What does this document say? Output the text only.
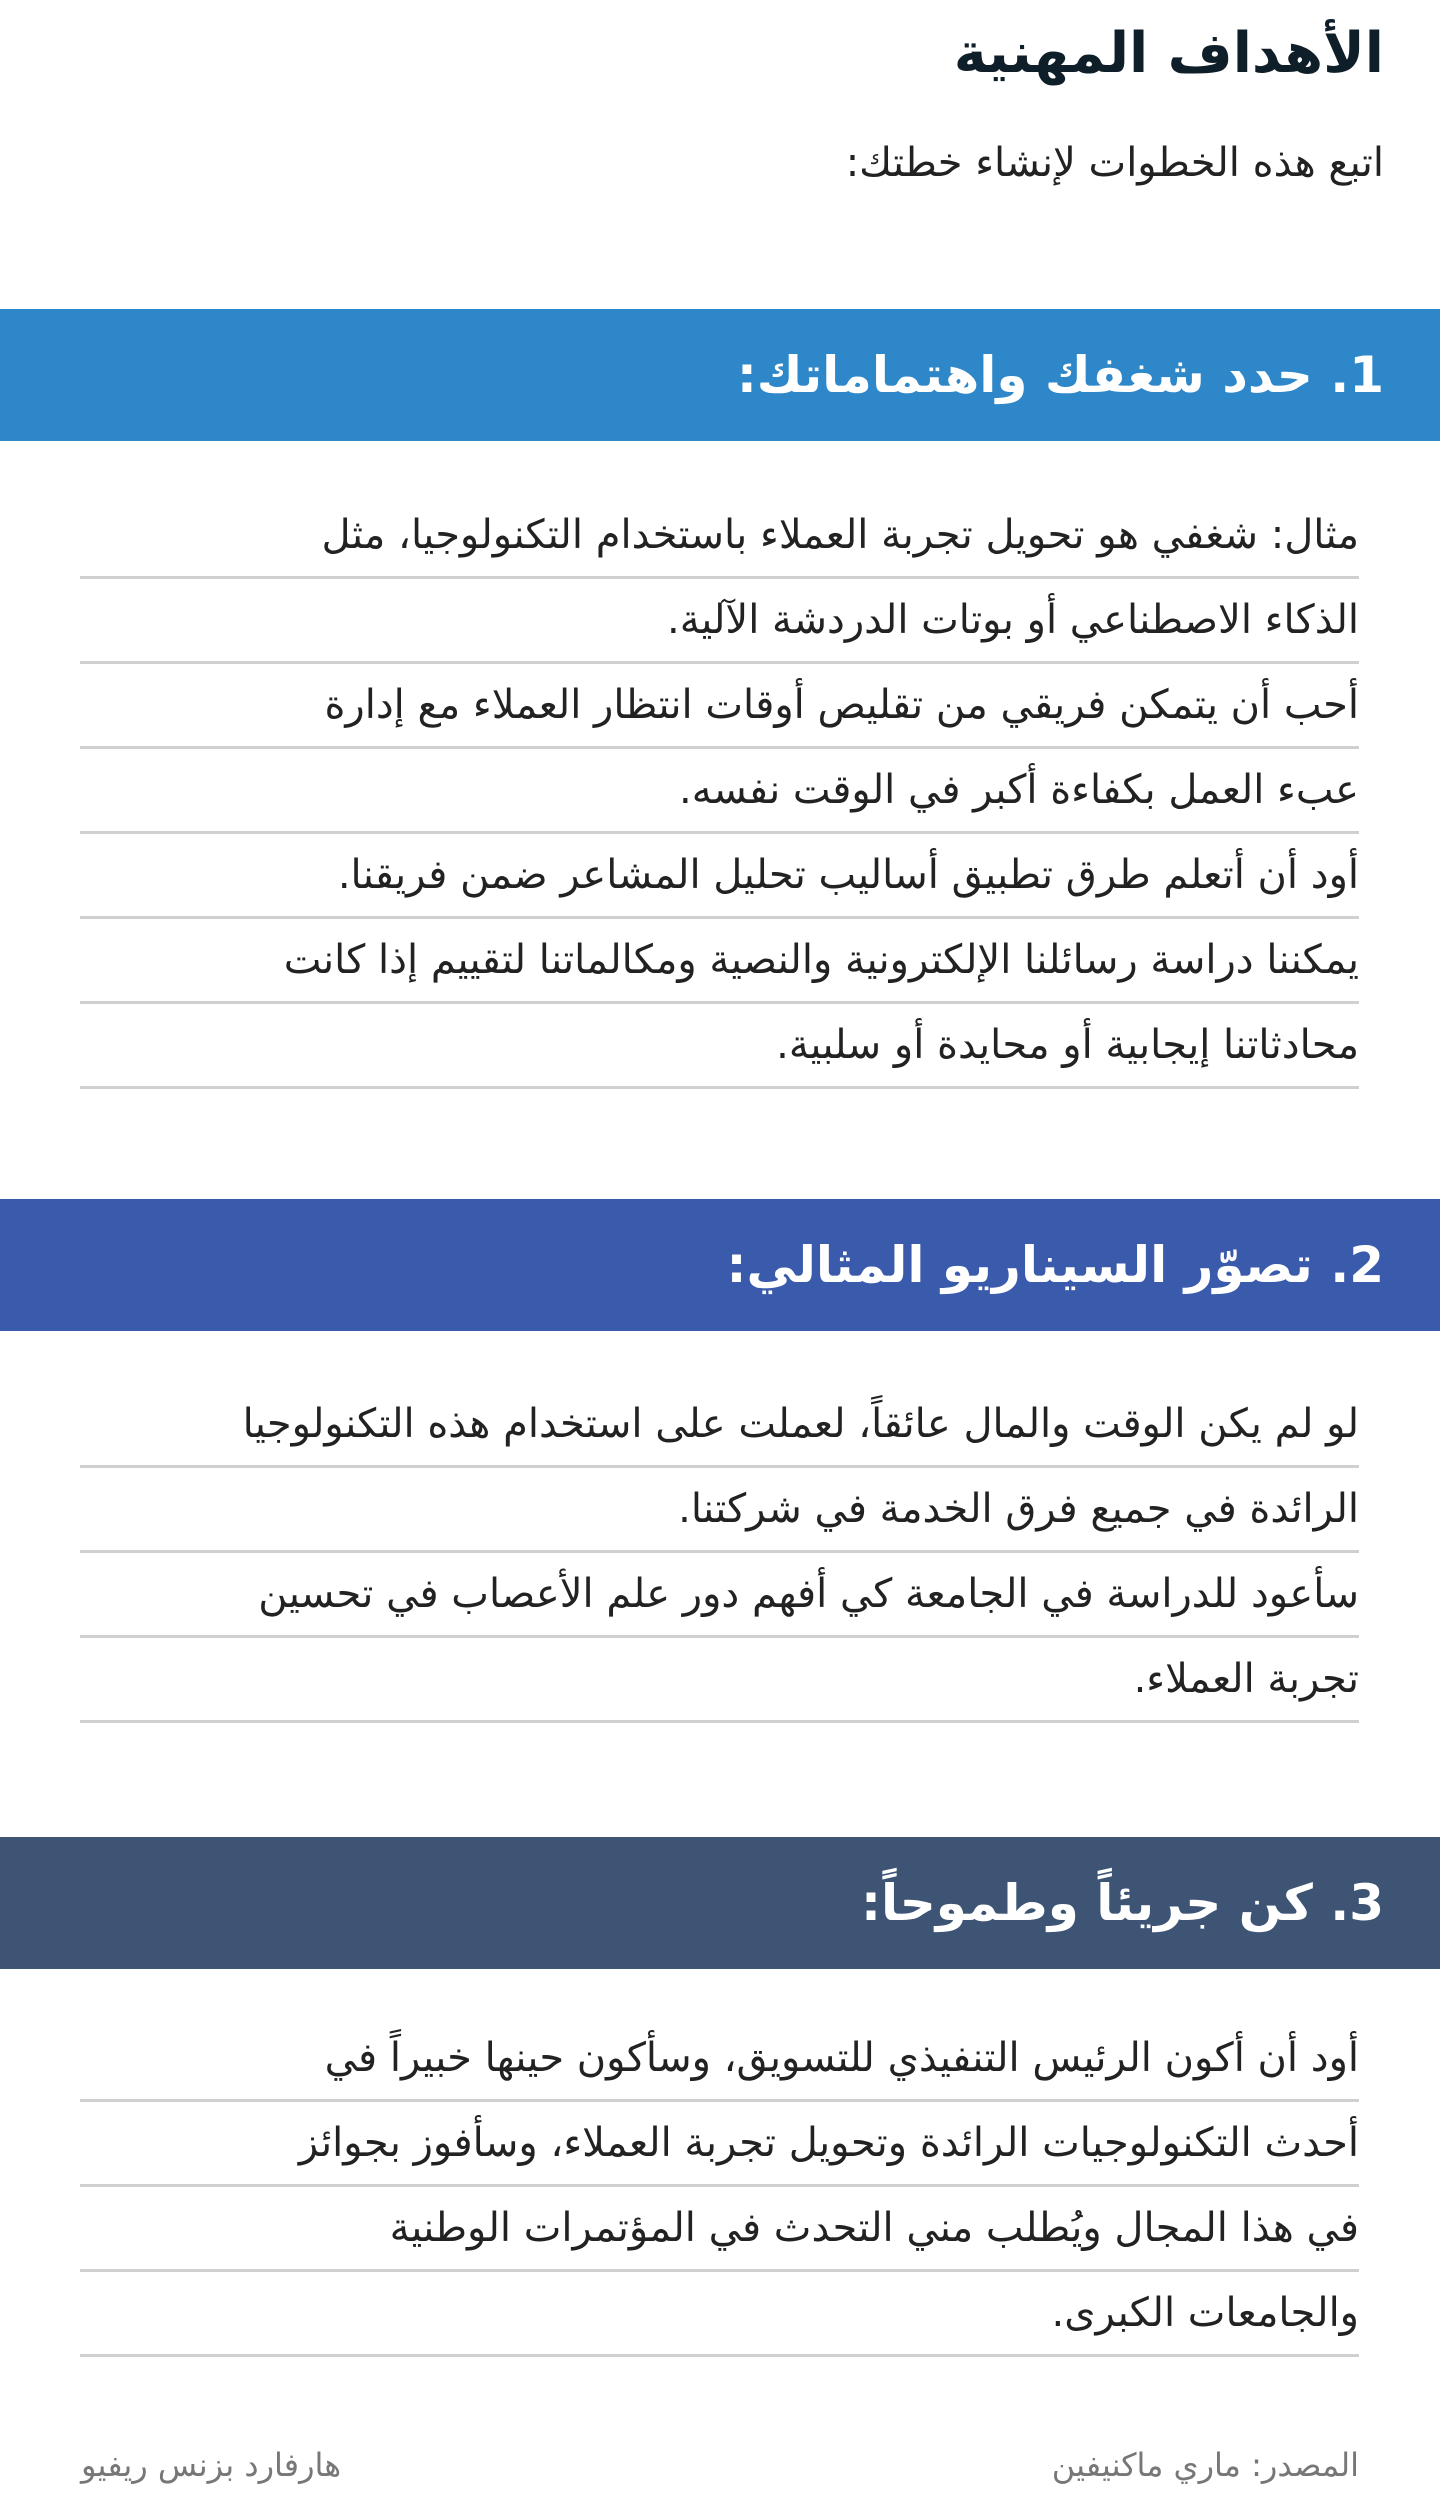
الأهداف المهنية

اتبع هذه الخطوات لإنشاء خطتك:

1. حدد شغفك واهتماماتك:
مثال: شغفي هو تحويل تجربة العملاء باستخدام التكنولوجيا، مثل
الذكاء الاصطناعي أو بوتات الدردشة الآلية.
أحب أن يتمكن فريقي من تقليص أوقات انتظار العملاء مع إدارة
عبء العمل بكفاءة أكبر في الوقت نفسه.
أود أن أتعلم طرق تطبيق أساليب تحليل المشاعر ضمن فريقنا.
يمكننا دراسة رسائلنا الإلكترونية والنصية ومكالماتنا لتقييم إذا كانت
محادثاتنا إيجابية أو محايدة أو سلبية.
2. تصوّر السيناريو المثالي:
لو لم يكن الوقت والمال عائقاً، لعملت على استخدام هذه التكنولوجيا
الرائدة في جميع فرق الخدمة في شركتنا.
سأعود للدراسة في الجامعة كي أفهم دور علم الأعصاب في تحسين
تجربة العملاء.
3. كن جريئاً وطموحاً:
أود أن أكون الرئيس التنفيذي للتسويق، وسأكون حينها خبيراً في
أحدث التكنولوجيات الرائدة وتحويل تجربة العملاء، وسأفوز بجوائز
في هذا المجال ويُطلب مني التحدث في المؤتمرات الوطنية
والجامعات الكبرى.
المصدر: ماري ماكنيفين
هارفارد بزنس ريفيو
